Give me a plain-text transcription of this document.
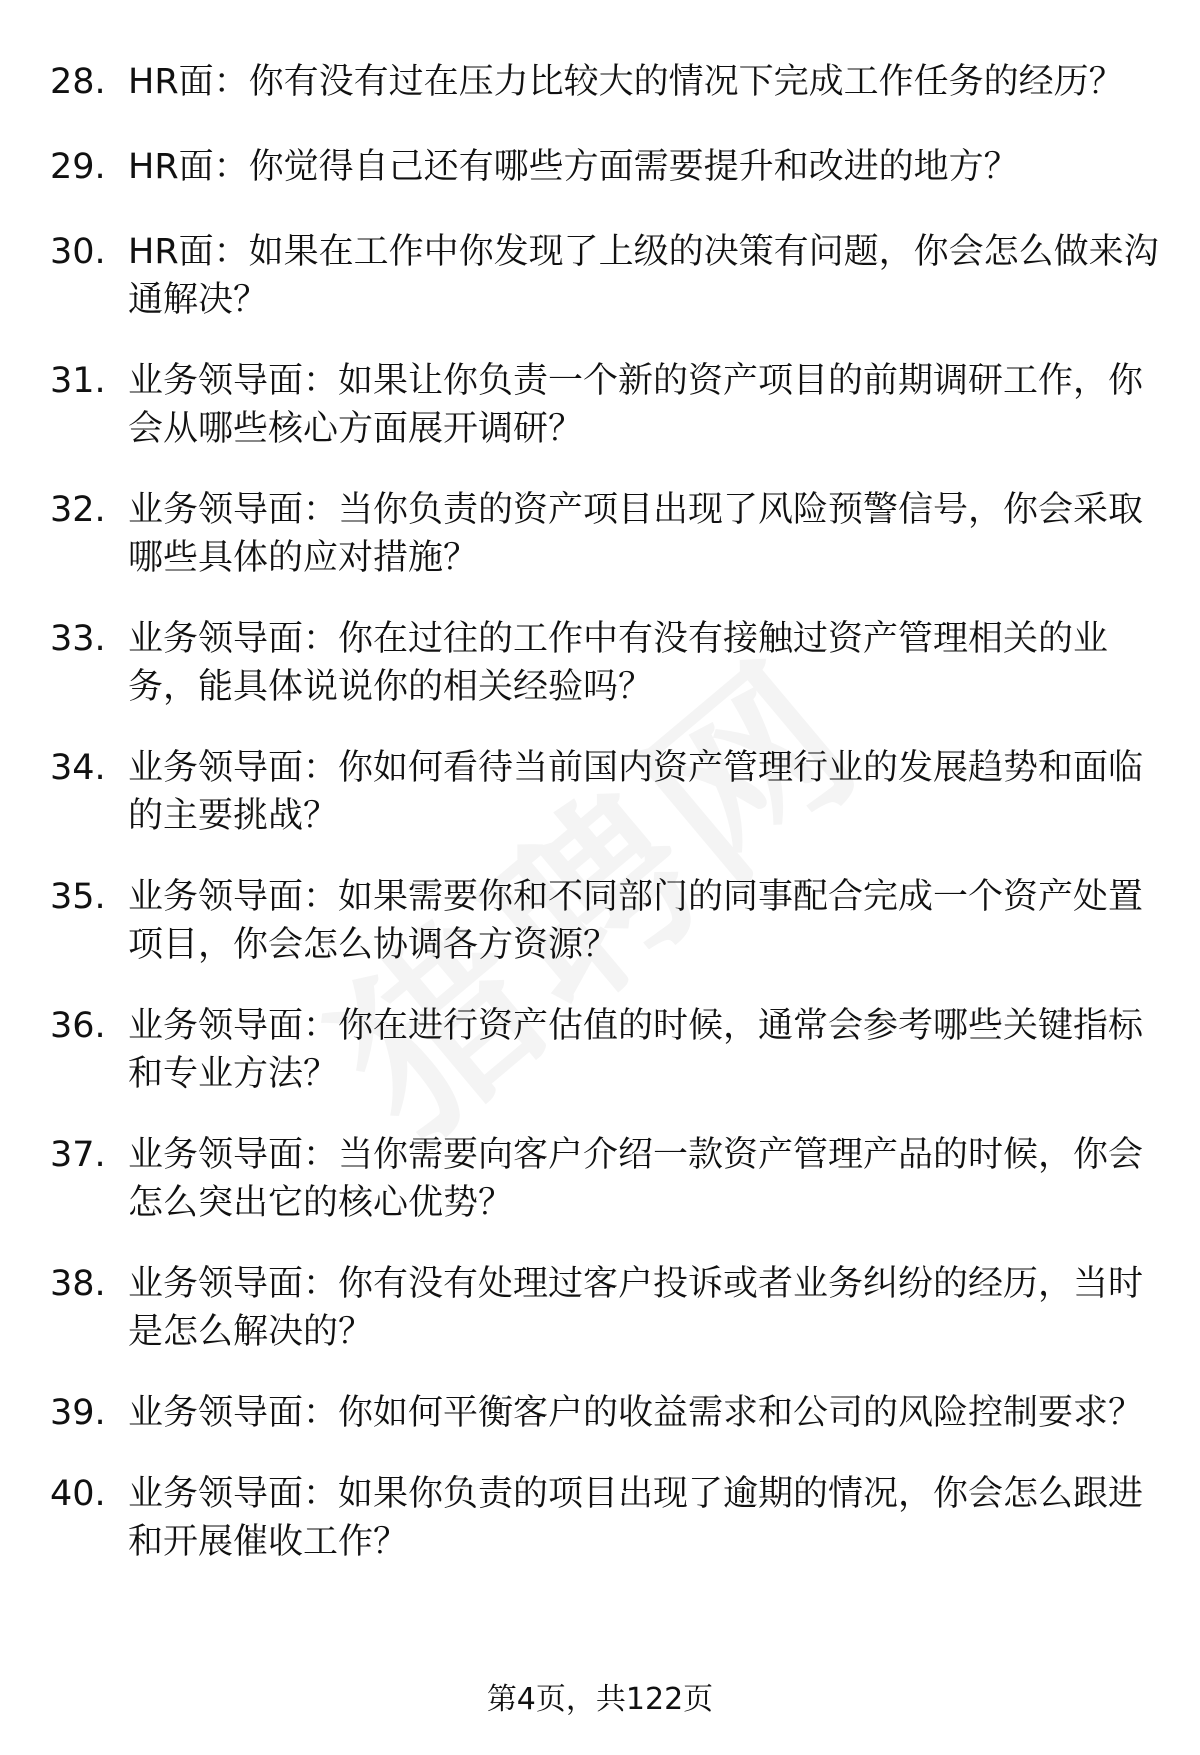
28. HR面：你有没有过在压力比较大的情况下完成工作任务的经历？
29. HR面：你觉得自己还有哪些方面需要提升和改进的地方？
30. HR面：如果在工作中你发现了上级的决策有问题，你会怎么做来沟通解决？
31. 业务领导面：如果让你负责一个新的资产项目的前期调研工作，你会从哪些核心方面展开调研？
32. 业务领导面：当你负责的资产项目出现了风险预警信号，你会采取哪些具体的应对措施？
33. 业务领导面：你在过往的工作中有没有接触过资产管理相关的业务，能具体说说你的相关经验吗？
34. 业务领导面：你如何看待当前国内资产管理行业的发展趋势和面临的主要挑战？
35. 业务领导面：如果需要你和不同部门的同事配合完成一个资产处置项目，你会怎么协调各方资源？
36. 业务领导面：你在进行资产估值的时候，通常会参考哪些关键指标和专业方法？
37. 业务领导面：当你需要向客户介绍一款资产管理产品的时候，你会怎么突出它的核心优势？
38. 业务领导面：你有没有处理过客户投诉或者业务纠纷的经历，当时是怎么解决的？
39. 业务领导面：你如何平衡客户的收益需求和公司的风险控制要求？
40. 业务领导面：如果你负责的项目出现了逾期的情况，你会怎么跟进和开展催收工作？
第4页，共122页
